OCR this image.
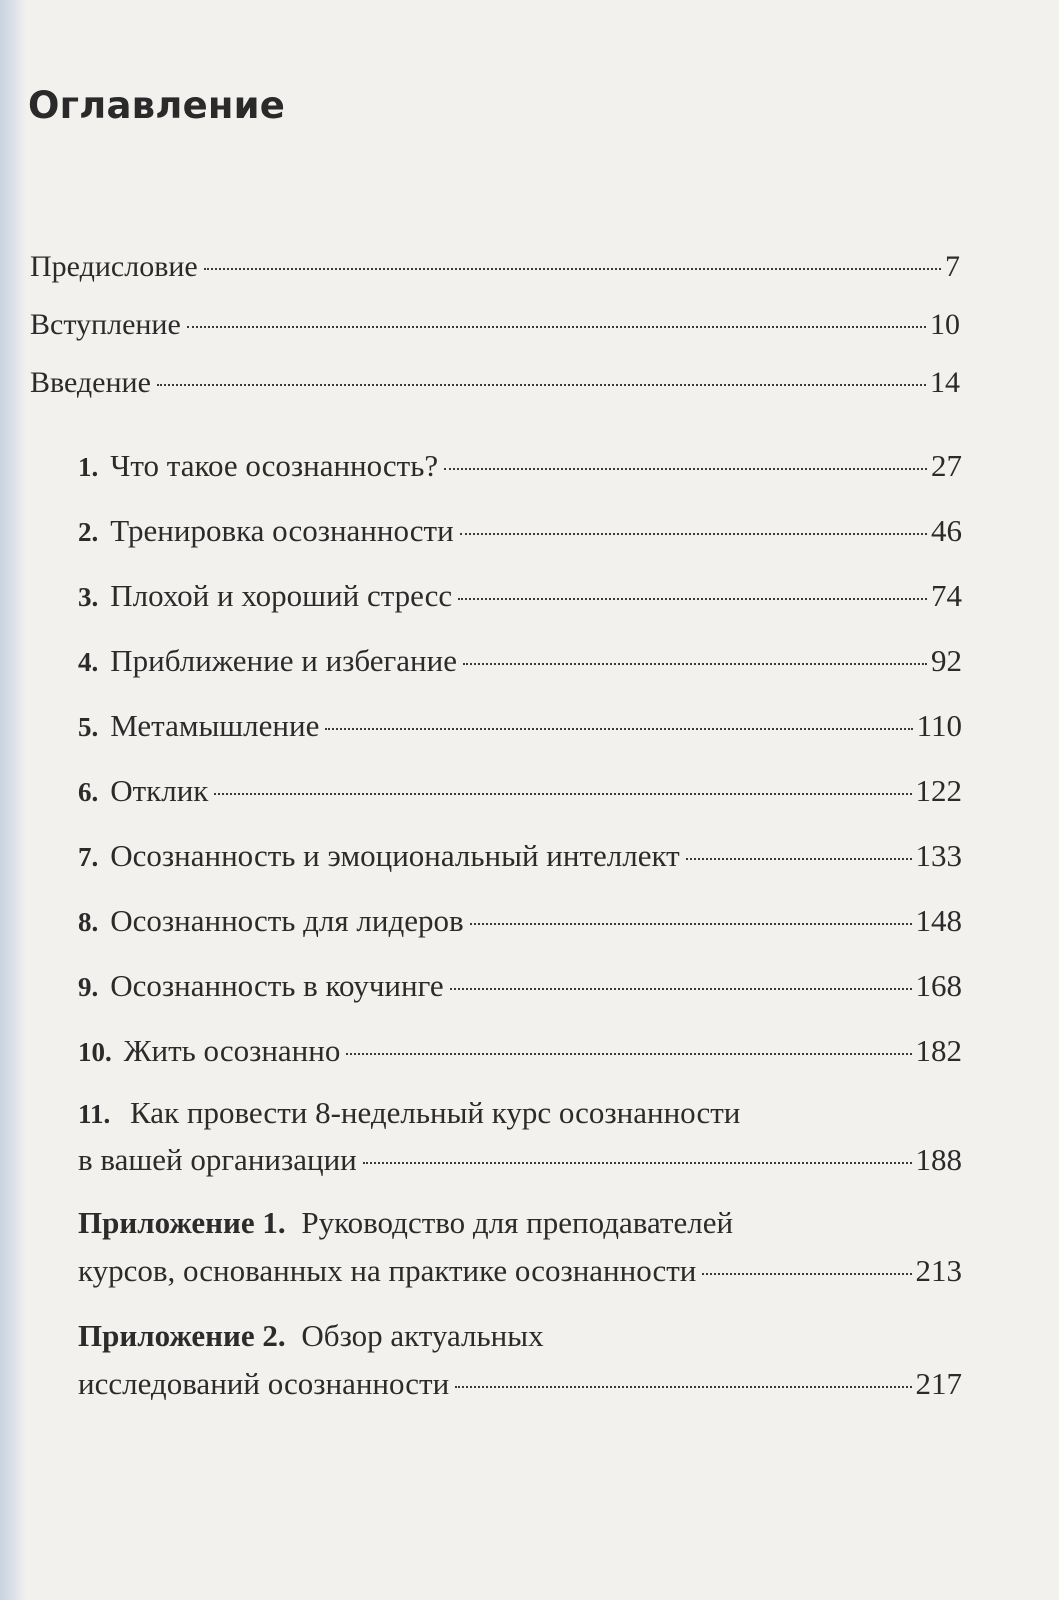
Оглавление
Предисловие	7
Вступление	10
Введение	14
1. Что такое осознанность?	27
2. Тренировка осознанности	46
3. Плохой и хороший стресс	74
4. Приближение и избегание	92
5. Метамышление	110
6. Отклик	122
7. Осознанность и эмоциональный интеллект	133
8. Осознанность для лидеров	148
9. Осознанность в коучинге	168
10. Жить осознанно	182
11. Как провести 8-недельный курс осознанности
в вашей организации	188
Приложение 1. Руководство для преподавателей
курсов, основанных на практике осознанности	213
Приложение 2. Обзор актуальных
исследований осознанности	217
